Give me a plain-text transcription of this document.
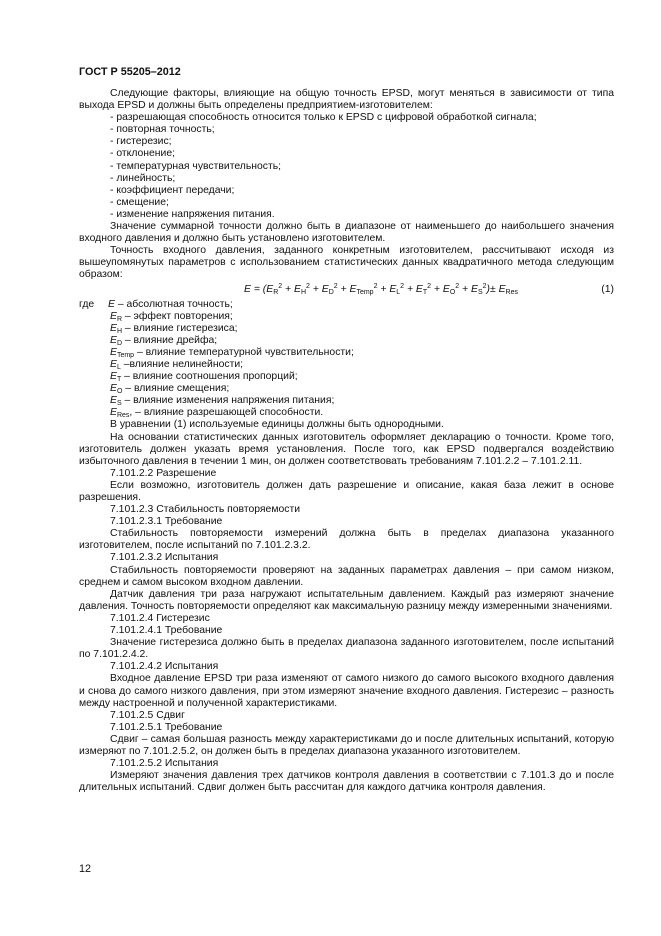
ГОСТ Р 55205–2012

Следующие факторы, влияющие на общую точность EPSD, могут меняться в зависимости от типа выхода EPSD и должны быть определены предприятием-изготовителем:

- разрешающая способность относится только к EPSD с цифровой обработкой сигнала;

- повторная точность;

- гистерезис;

- отклонение;

- температурная чувствительность;

- линейность;

- коэффициент передачи;

- смещение;

- изменение напряжения питания.

Значение суммарной точности должно быть в диапазоне от наименьшего до наибольшего значения входного давления и должно быть установлено изготовителем.

Точность входного давления, заданного конкретным изготовителем, рассчитывают исходя из вышеупомянутых параметров с использованием статистических данных квадратичного метода следующим образом:

$E = (E_R^2 + E_H^2 + E_D^2 + E_{Temp}^2 + E_L^2 + E_T^2 + E_O^2 + E_S^2)\pm E_{Res}$	(1)

где E – абсолютная точность;

$E_R$ – эффект повторения;

$E_H$ – влияние гистерезиса;

$E_D$ – влияние дрейфа;

$E_{Temp}$ – влияние температурной чувствительности;

$E_L$ –влияние нелинейности;

$E_T$ – влияние соотношения пропорций;

$E_O$ – влияние смещения;

$E_S$ – влияние изменения напряжения питания;

$E_{Res}$, – влияние разрешающей способности.

В уравнении (1) используемые единицы должны быть однородными.

На основании статистических данных изготовитель оформляет декларацию о точности. Кроме того, изготовитель должен указать время установления. После того, как EPSD подвергался воздействию избыточного давления в течении 1 мин, он должен соответствовать требованиям 7.101.2.2 – 7.101.2.11.

7.101.2.2 Разрешение

Если возможно, изготовитель должен дать разрешение и описание, какая база лежит в основе разрешения.

7.101.2.3 Стабильность повторяемости

7.101.2.3.1 Требование

Стабильность повторяемости измерений должна быть в пределах диапазона указанного изготовителем, после испытаний по 7.101.2.3.2.

7.101.2.3.2 Испытания

Стабильность повторяемости проверяют на заданных параметрах давления – при самом низком, среднем и самом высоком входном давлении.

Датчик давления три раза нагружают испытательным давлением. Каждый раз измеряют значение давления. Точность повторяемости определяют как максимальную разницу между измеренными значениями.

7.101.2.4 Гистерезис

7.101.2.4.1 Требование

Значение гистерезиса должно быть в пределах диапазона заданного изготовителем, после испытаний по 7.101.2.4.2.

7.101.2.4.2 Испытания

Входное давление EPSD три раза изменяют от самого низкого до самого высокого входного давления и снова до самого низкого давления, при этом измеряют значение входного давления. Гистерезис – разность между настроенной и полученной характеристиками.

7.101.2.5 Сдвиг

7.101.2.5.1 Требование

Сдвиг – самая большая разность между характеристиками до и после длительных испытаний, которую измеряют по 7.101.2.5.2, он должен быть в пределах диапазона указанного изготовителем.

7.101.2.5.2 Испытания

Измеряют значения давления трех датчиков контроля давления в соответствии с 7.101.3 до и после длительных испытаний. Сдвиг должен быть рассчитан для каждого датчика контроля давления.

12
